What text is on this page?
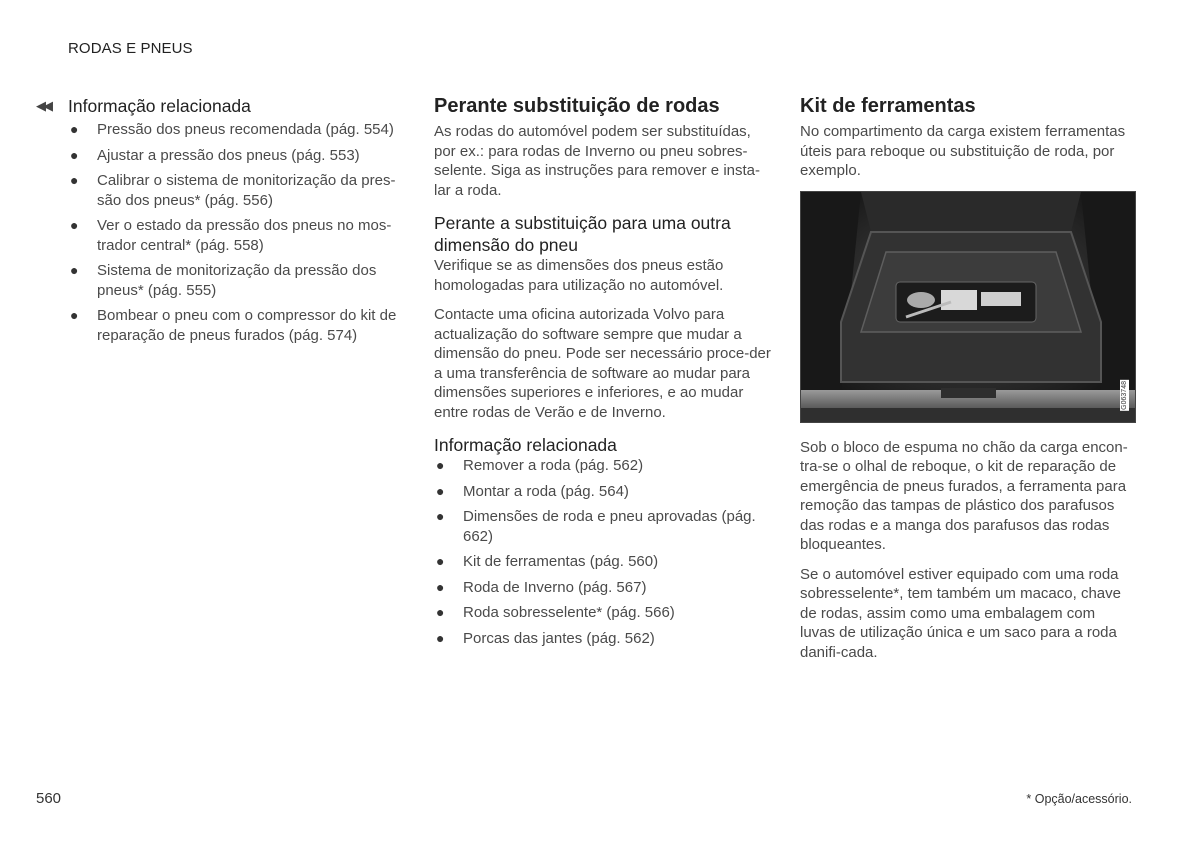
RODAS E PNEUS
◀◀	Informação relacionada
● Pressão dos pneus recomendada (pág. 554)
● Ajustar a pressão dos pneus (pág. 553)
● Calibrar o sistema de monitorização da pres-são dos pneus* (pág. 556)
● Ver o estado da pressão dos pneus no mos-trador central* (pág. 558)
● Sistema de monitorização da pressão dos pneus* (pág. 555)
● Bombear o pneu com o compressor do kit de reparação de pneus furados (pág. 574)
Perante substituição de rodas

As rodas do automóvel podem ser substituídas, por ex.: para rodas de Inverno ou pneu sobres-selente. Siga as instruções para remover e insta-lar a roda.

Perante a substituição para uma outra dimensão do pneu

Verifique se as dimensões dos pneus estão homologadas para utilização no automóvel.

Contacte uma oficina autorizada Volvo para actualização do software sempre que mudar a dimensão do pneu. Pode ser necessário proce-der a uma transferência de software ao mudar para dimensões superiores e inferiores, e ao mudar entre rodas de Verão e de Inverno.

Informação relacionada
● Remover a roda (pág. 562)
● Montar a roda (pág. 564)
● Dimensões de roda e pneu aprovadas (pág. 662)
● Kit de ferramentas (pág. 560)
● Roda de Inverno (pág. 567)
● Roda sobresselente* (pág. 566)
● Porcas das jantes (pág. 562)
Kit de ferramentas

No compartimento da carga existem ferramentas úteis para reboque ou substituição de roda, por exemplo.

G063748

Sob o bloco de espuma no chão da carga encon-tra-se o olhal de reboque, o kit de reparação de emergência de pneus furados, a ferramenta para remoção das tampas de plástico dos parafusos das rodas e a manga dos parafusos das rodas bloqueantes.

Se o automóvel estiver equipado com uma roda sobresselente*, tem também um macaco, chave de rodas, assim como uma embalagem com luvas de utilização única e um saco para a roda danifi-cada.

560	* Opção/acessório.
